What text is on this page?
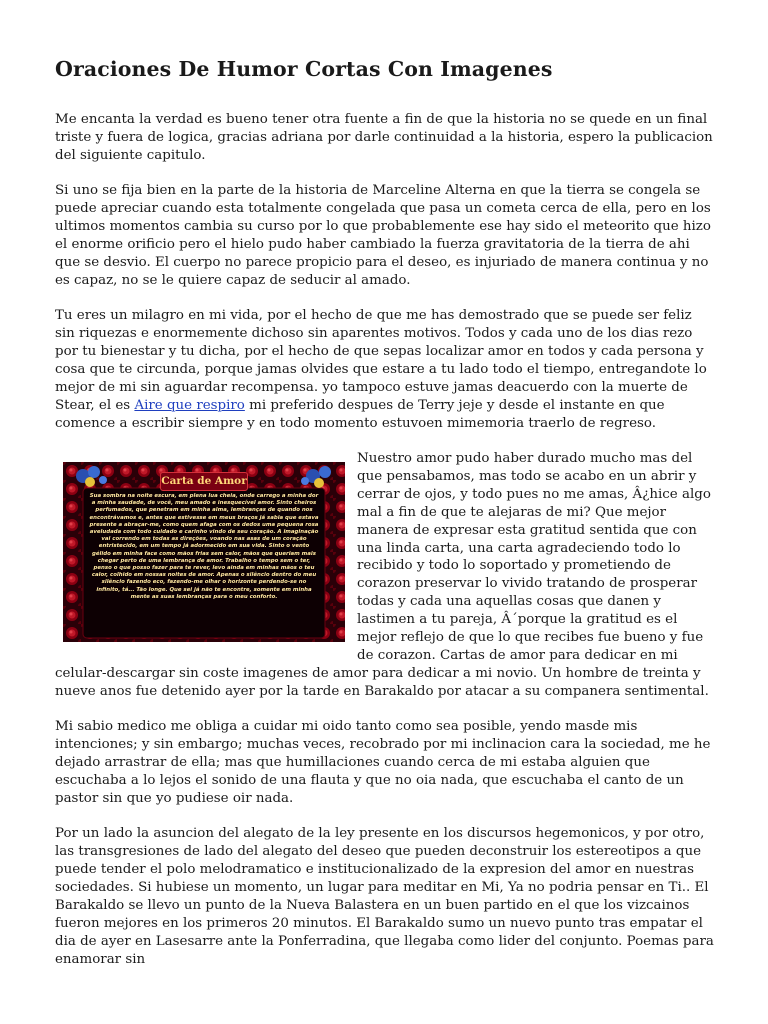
Oraciones De Humor Cortas Con Imagenes

Me encanta la verdad es bueno tener otra fuente a fin de que la historia no se quede en un final triste y fuera de logica, gracias adriana por darle continuidad a la historia, espero la publicacion del siguiente capitulo.

Si uno se fija bien en la parte de la historia de Marceline Alterna en que la tierra se congela se puede apreciar cuando esta totalmente congelada que pasa un cometa cerca de ella, pero en los ultimos momentos cambia su curso por lo que probablemente ese hay sido el meteorito que hizo el enorme orificio pero el hielo pudo haber cambiado la fuerza gravitatoria de la tierra de ahi que se desvio. El cuerpo no parece propicio para el deseo, es injuriado de manera continua y no es capaz, no se le quiere capaz de seducir al amado.

Tu eres un milagro en mi vida, por el hecho de que me has demostrado que se puede ser feliz sin riquezas e enormemente dichoso sin aparentes motivos. Todos y cada uno de los dias rezo por tu bienestar y tu dicha, por el hecho de que sepas localizar amor en todos y cada persona y cosa que te circunda, porque jamas olvides que estare a tu lado todo el tiempo, entregandote lo mejor de mi sin aguardar recompensa. yo tampoco estuve jamas deacuerdo con la muerte de Stear, el es Aire que respiro mi preferido despues de Terry jeje y desde el instante en que comence a escribir siempre y en todo momento estuvoen mimemoria traerlo de regreso.

Carta de Amor
Sua sombra na noite escura, em plena lua cheia, onde carrego a minha dor a minha saudade, de você, meu amado e inesquecível amor. Sinto cheiros perfumados, que penetram em minha alma, lembranças de quando nos encontrávamos e, antes que estivesse em meus braços já sabia que estava presente a abraçar-me, como quem afaga com os dedos uma pequena rosa aveludada com todo cuidado e carinho vindo de seu coração. A imaginação vai correndo em todas as direções, voando nas asas de um coração entristecido, em um tempo já adormecido em sua vida. Sinto o vento gélido em minha face como mãos frias sem calor, mãos que queriam mais chegar perto de uma lembrança de amor. Trabalho o tempo sem o ter, penso o que posso fazer para te rever, levo ainda em minhas mãos o teu calor, colhido em nossas noites de amor. Apenas o silêncio dentro do meu silêncio fazendo eco, fazendo-me olhar o horizonte perdendo-se no infinito, tá... Tão longe. Que sei já não te encontre, somente em minha mente as suas lembranças para o meu conforto.

Nuestro amor pudo haber durado mucho mas del que pensabamos, mas todo se acabo en un abrir y cerrar de ojos, y todo pues no me amas, Â¿hice algo mal a fin de que te alejaras de mi? Que mejor manera de expresar esta gratitud sentida que con una linda carta, una carta agradeciendo todo lo recibido y todo lo soportado y prometiendo de corazon preservar lo vivido tratando de prosperar todas y cada una aquellas cosas que danen y lastimen a tu pareja, Â´porque la gratitud es el mejor reflejo de que lo que recibes fue bueno y fue de corazon. Cartas de amor para dedicar en mi celular-descargar sin coste imagenes de amor para dedicar a mi novio. Un hombre de treinta y nueve anos fue detenido ayer por la tarde en Barakaldo por atacar a su companera sentimental.

Mi sabio medico me obliga a cuidar mi oido tanto como sea posible, yendo masde mis intenciones; y sin embargo; muchas veces, recobrado por mi inclinacion cara la sociedad, me he dejado arrastrar de ella; mas que humillaciones cuando cerca de mi estaba alguien que escuchaba a lo lejos el sonido de una flauta y que no oia nada, que escuchaba el canto de un pastor sin que yo pudiese oir nada.

Por un lado la asuncion del alegato de la ley presente en los discursos hegemonicos, y por otro, las transgresiones de lado del alegato del deseo que pueden deconstruir los estereotipos a que puede tender el polo melodramatico e institucionalizado de la expresion del amor en nuestras sociedades. Si hubiese un momento, un lugar para meditar en Mi, Ya no podria pensar en Ti.. El Barakaldo se llevo un punto de la Nueva Balastera en un buen partido en el que los vizcainos fueron mejores en los primeros 20 minutos. El Barakaldo sumo un nuevo punto tras empatar el dia de ayer en Lasesarre ante la Ponferradina, que llegaba como lider del conjunto. Poemas para enamorar sin
